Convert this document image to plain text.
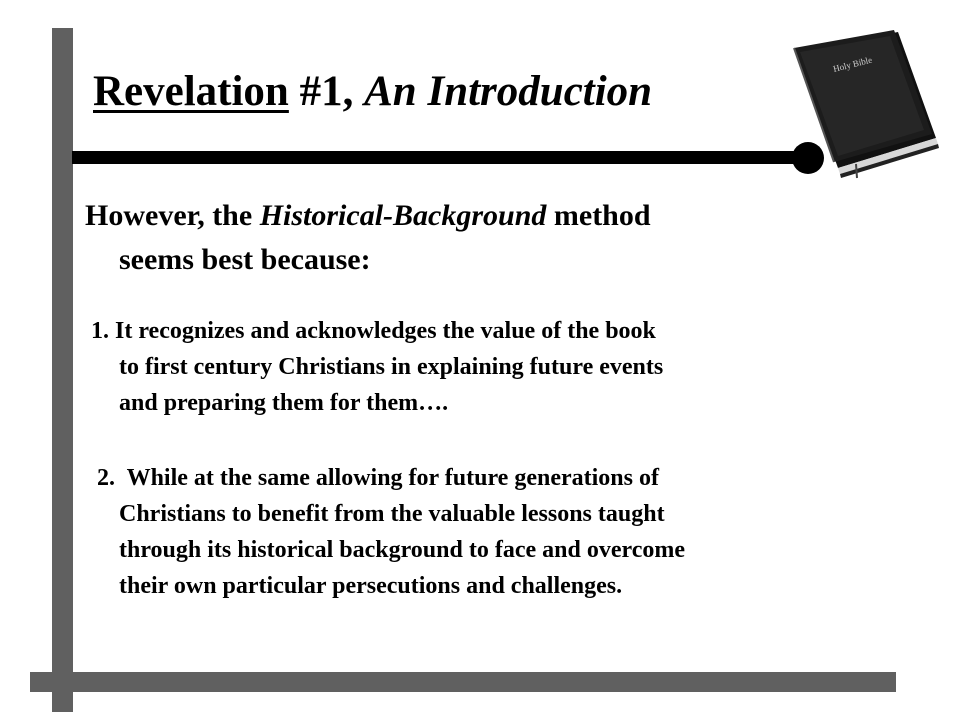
Holy Bible
Revelation #1, An Introduction
However, the Historical-Background method
seems best because:
1. It recognizes and acknowledges the value of the book
to first century Christians in explaining future events
and preparing them for them….
2.  While at the same allowing for future generations of
Christians to benefit from the valuable lessons taught
through its historical background to face and overcome
their own particular persecutions and challenges.
